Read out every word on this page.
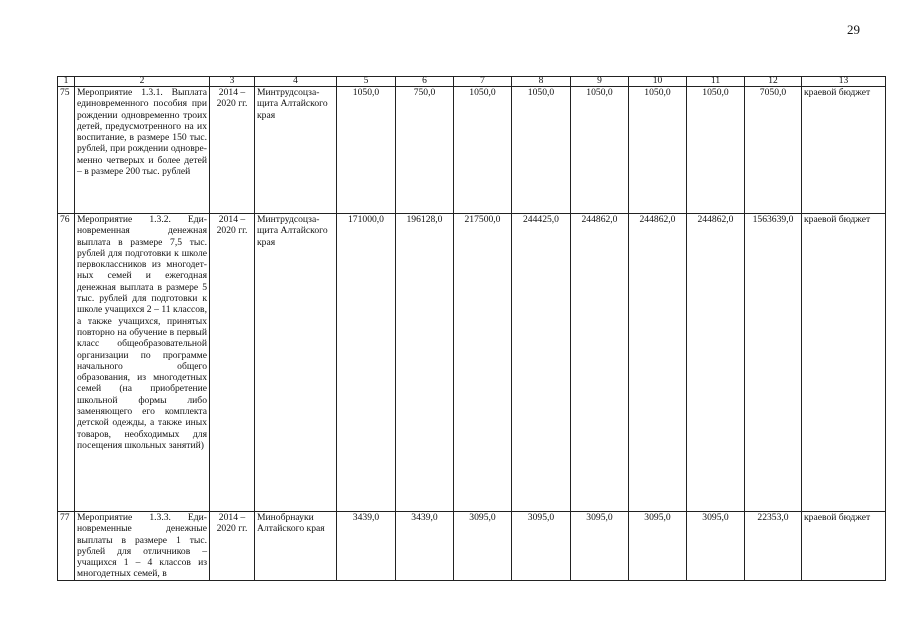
29
1	2	3	4	5	6	7	8	9	10	11	12	13
75	Мероприятие 1.3.1. Выплата единовременного пособия при рождении одновременно троих детей, предусмотренного на их воспитание, в размере 150 тыс. рублей, при рождении одновременно четверых и более детей – в размере 200 тыс. рублей	2014 – 2020 гг.	Минтрудсоцзащита Алтайского края	1050,0	750,0	1050,0	1050,0	1050,0	1050,0	1050,0	7050,0	краевой бюджет
76	Мероприятие 1.3.2. Единовременная денежная выплата в размере 7,5 тыс. рублей для подготовки к школе первоклассников из многодетных семей и ежегодная денежная выплата в размере 5 тыс. рублей для подготовки к школе учащихся 2 – 11 классов, а также учащихся, принятых повторно на обучение в первый класс общеобразовательной организации по программе начального общего образования, из многодетных семей (на приобретение школьной формы либо заменяющего его комплекта детской одежды, а также иных товаров, необходимых для посещения школьных занятий)	2014 – 2020 гг.	Минтрудсоцзащита Алтайского края	171000,0	196128,0	217500,0	244425,0	244862,0	244862,0	244862,0	1563639,0	краевой бюджет
77	Мероприятие 1.3.3. Единовременные денежные выплаты в размере 1 тыс. рублей для отличников – учащихся 1 – 4 классов из многодетных семей, в	2014 – 2020 гг.	Минобрнауки Алтайского края	3439,0	3439,0	3095,0	3095,0	3095,0	3095,0	3095,0	22353,0	краевой бюджет
